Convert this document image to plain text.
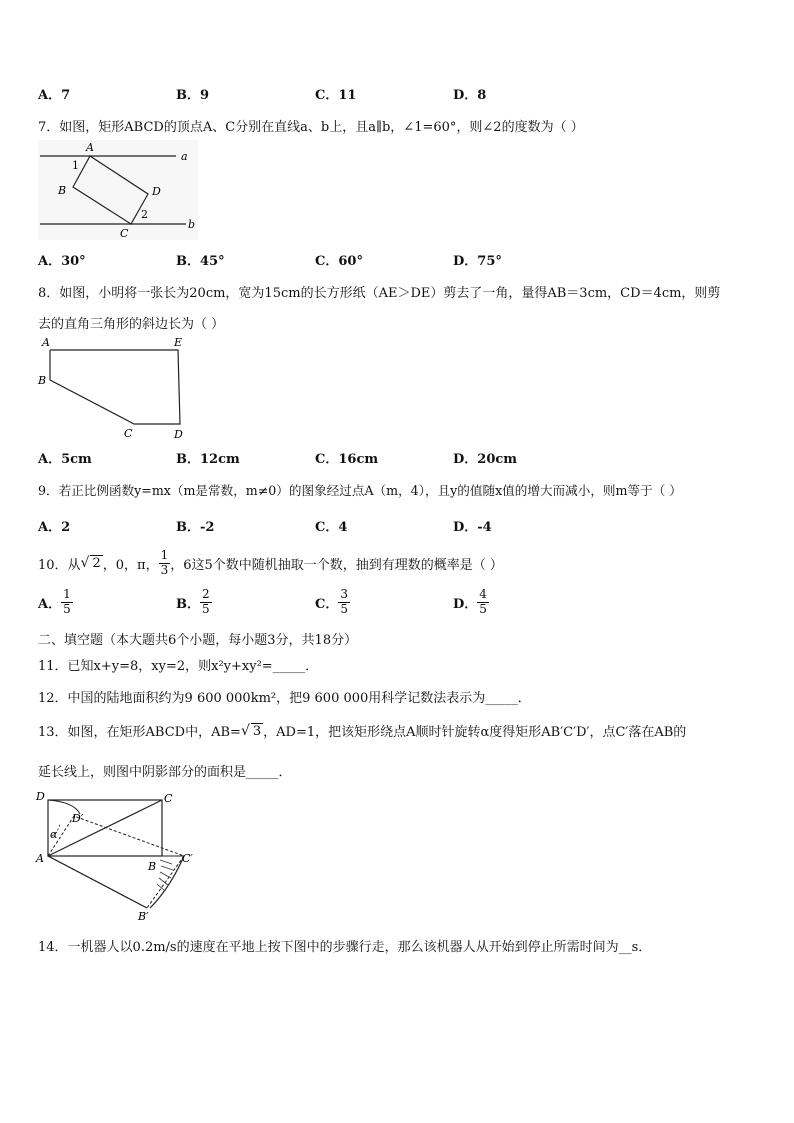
A．7	B．9	C．11	D．8
7．如图，矩形ABCD的顶点A、C分别在直线a、b上，且a∥b，∠1=60°，则∠2的度数为（ ）
A
1
B	D
2
C
a
b
A．30°	B．45°	C．60°	D．75°
8．如图，小明将一张长为20cm，宽为15cm的长方形纸（AE＞DE）剪去了一角，量得AB＝3cm，CD＝4cm，则剪
去的直角三角形的斜边长为（ ）
A	E
B
C	D
A．5cm	B．12cm	C．16cm	D．20cm
9．若正比例函数y=mx（m是常数，m≠0）的图象经过点A（m，4），且y的值随x值的增大而减小，则m等于（ ）
A．2	B．-2	C．4	D．-4
10．从 √ 2 ，0，π， $\frac{1}{3}$ ，6这5个数中随机抽取一个数，抽到有理数的概率是（ ）
A． $\frac{1}{5}$	B． $\frac{2}{5}$	C． $\frac{3}{5}$	D． $\frac{4}{5}$
二、填空题（本大题共6个小题，每小题3分，共18分）
11．已知x+y=8，xy=2，则x²y+xy²=_____．
12．中国的陆地面积约为9 600 000km²，把9 600 000用科学记数法表示为_____．
13．如图，在矩形ABCD中，AB= √ 3 ，AD=1，把该矩形绕点A顺时针旋转α度得矩形AB′C′D′，点C′落在AB的
延长线上，则图中阴影部分的面积是_____．
D	C
D′
α
A
B
C′
B′
14．一机器人以0.2m/s的速度在平地上按下图中的步骤行走，那么该机器人从开始到停止所需时间为__s．
